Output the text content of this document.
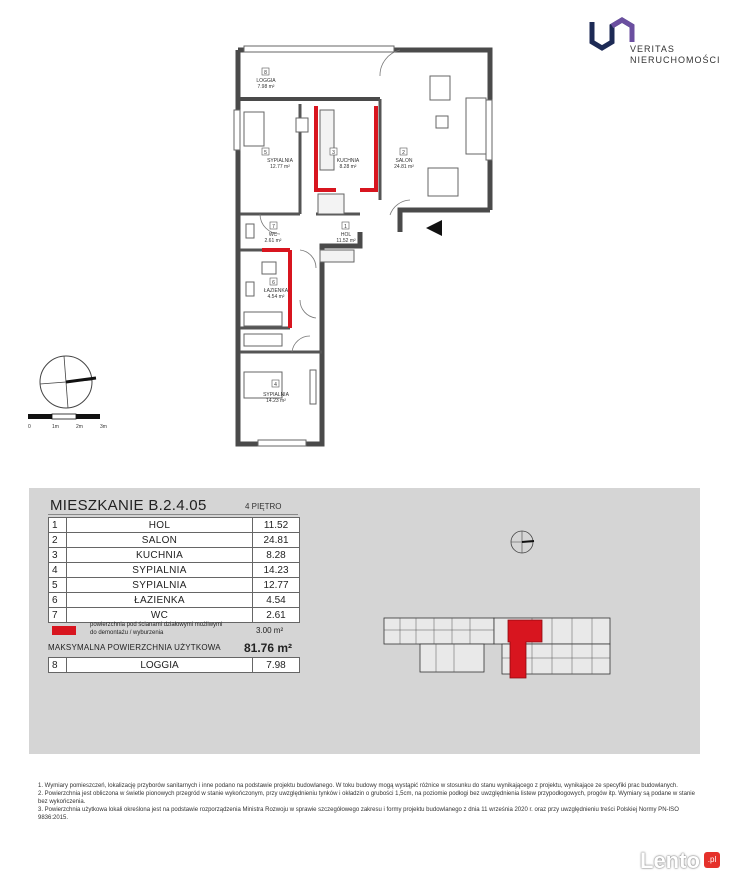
VERITAS
NIERUCHOMOŚCI
8
LOGGIA
7.98 m²
5
SYPIALNIA
12.77 m²
3
KUCHNIA
8.28 m²
2
SALON
24.81 m²
7
WC
2.61 m²
1
HOL
11.52 m²
6
ŁAZIENKA
4.54 m²
4
SYPIALNIA
14.23 m²
0	1m	2m	3m
MIESZKANIE B.2.4.05	4 PIĘTRO
1	HOL	11.52
2	SALON	24.81
3	KUCHNIA	8.28
4	SYPIALNIA	14.23
5	SYPIALNIA	12.77
6	ŁAZIENKA	4.54
7	WC	2.61
powierzchnia pod ścianami działowymi możliwymi do demontażu / wyburzenia	3.00 m²
MAKSYMALNA POWIERZCHNIA UŻYTKOWA 81.76 m²
8	LOGGIA	7.98

1. Wymiary pomieszczeń, lokalizację przyborów sanitarnych i inne podano na podstawie projektu budowlanego. W toku budowy mogą wystąpić różnice w stosunku do stanu wynikającego z projektu, wynikające ze specyfiki prac budowlanych.

2. Powierzchnia jest obliczona w świetle pionowych przegród w stanie wykończonym, przy uwzględnieniu tynków i okładzin o grubości 1,5cm, na poziomie podłogi bez uwzględnienia listew przypodłogowych, progów itp. Wymiary są podane w stanie bez wykończenia.

3. Powierzchnia użytkowa lokali określona jest na podstawie rozporządzenia Ministra Rozwoju w sprawie szczegółowego zakresu i formy projektu budowlanego z dnia 11 września 2020 r. oraz przy uwzględnieniu treści Polskiej Normy PN-ISO 9836:2015.

Lento .pl
